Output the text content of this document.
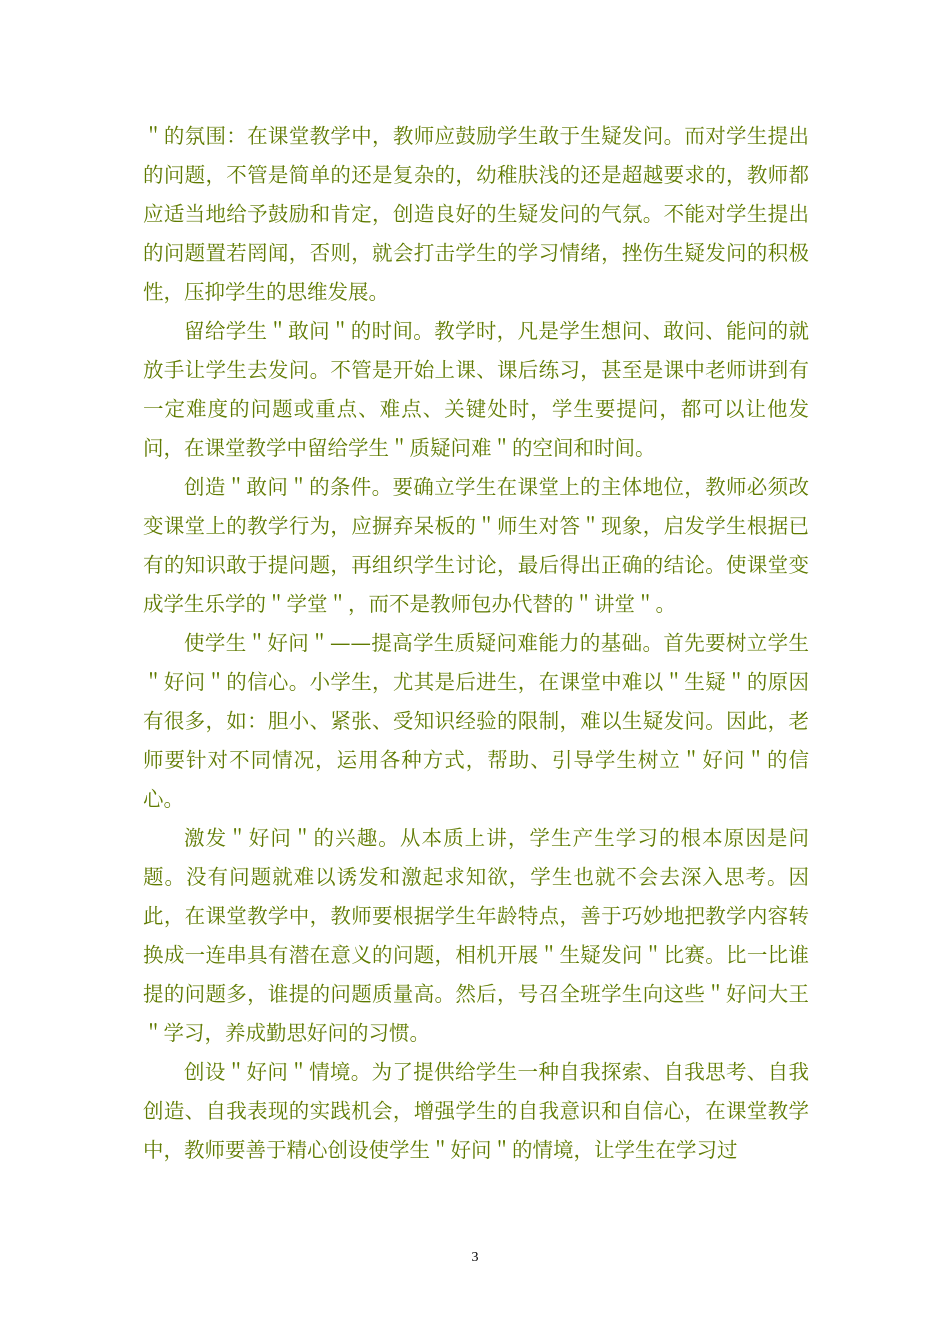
＂的氛围：在课堂教学中，教师应鼓励学生敢于生疑发问。而对学生提出的问题，不管是简单的还是复杂的，幼稚肤浅的还是超越要求的，教师都应适当地给予鼓励和肯定，创造良好的生疑发问的气氛。不能对学生提出的问题置若罔闻，否则，就会打击学生的学习情绪，挫伤生疑发问的积极性，压抑学生的思维发展。

留给学生＂敢问＂的时间。教学时，凡是学生想问、敢问、能问的就放手让学生去发问。不管是开始上课、课后练习，甚至是课中老师讲到有一定难度的问题或重点、难点、关键处时，学生要提问，都可以让他发问，在课堂教学中留给学生＂质疑问难＂的空间和时间。

创造＂敢问＂的条件。要确立学生在课堂上的主体地位，教师必须改变课堂上的教学行为，应摒弃呆板的＂师生对答＂现象，启发学生根据已有的知识敢于提问题，再组织学生讨论，最后得出正确的结论。使课堂变成学生乐学的＂学堂＂，而不是教师包办代替的＂讲堂＂。

使学生＂好问＂——提高学生质疑问难能力的基础。首先要树立学生＂好问＂的信心。小学生，尤其是后进生，在课堂中难以＂生疑＂的原因有很多，如：胆小、紧张、受知识经验的限制，难以生疑发问。因此，老师要针对不同情况，运用各种方式，帮助、引导学生树立＂好问＂的信心。

激发＂好问＂的兴趣。从本质上讲，学生产生学习的根本原因是问题。没有问题就难以诱发和激起求知欲，学生也就不会去深入思考。因此，在课堂教学中，教师要根据学生年龄特点，善于巧妙地把教学内容转换成一连串具有潜在意义的问题，相机开展＂生疑发问＂比赛。比一比谁提的问题多，谁提的问题质量高。然后，号召全班学生向这些＂好问大王＂学习，养成勤思好问的习惯。

创设＂好问＂情境。为了提供给学生一种自我探索、自我思考、自我创造、自我表现的实践机会，增强学生的自我意识和自信心，在课堂教学中，教师要善于精心创设使学生＂好问＂的情境，让学生在学习过

3
